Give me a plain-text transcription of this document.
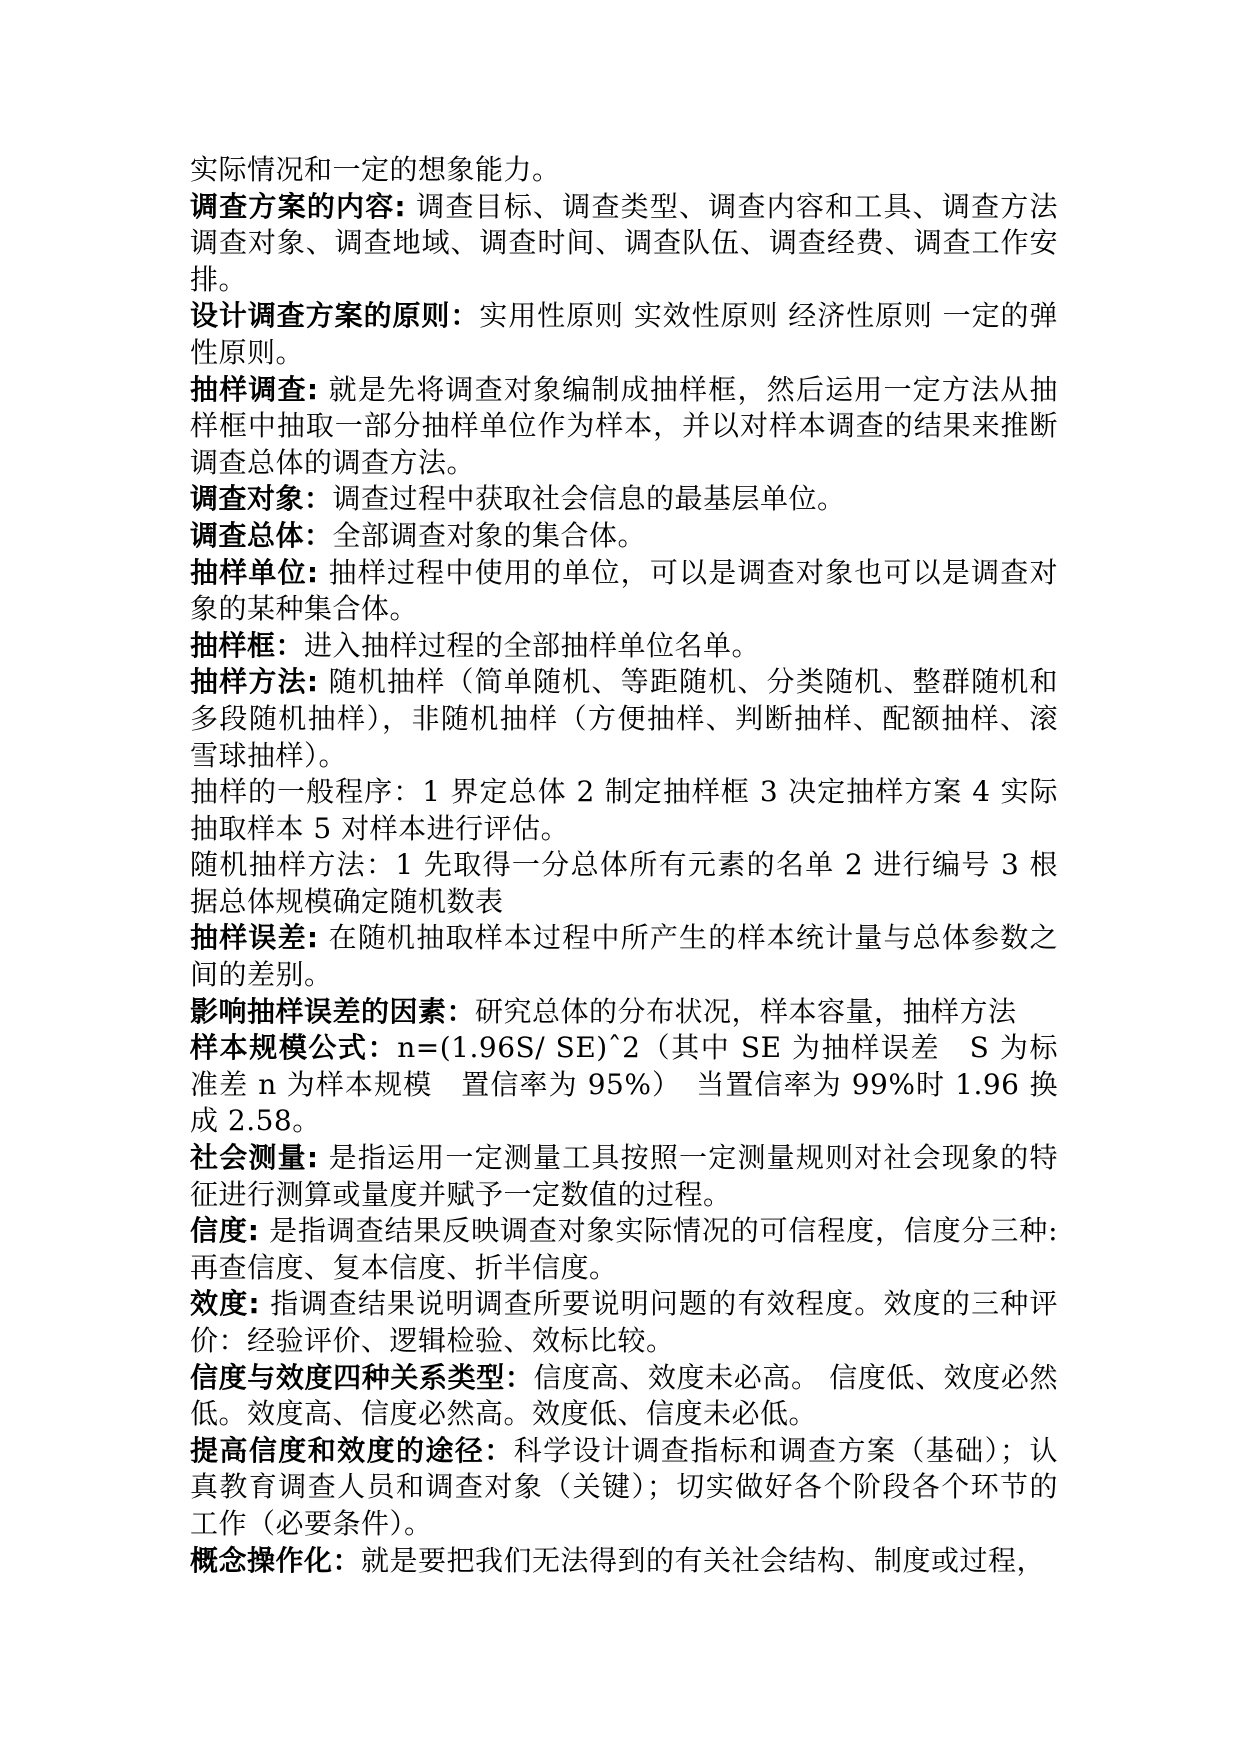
实际情况和一定的想象能力。

调查方案的内容: 调查目标、调查类型、调查内容和工具、调查方法调查对象、调查地域、调查时间、调查队伍、调查经费、调查工作安排。

设计调查方案的原则：实用性原则 实效性原则 经济性原则 一定的弹性原则。

抽样调查: 就是先将调查对象编制成抽样框，然后运用一定方法从抽样框中抽取一部分抽样单位作为样本，并以对样本调查的结果来推断调查总体的调查方法。

调查对象：调查过程中获取社会信息的最基层单位。

调查总体：全部调查对象的集合体。

抽样单位: 抽样过程中使用的单位，可以是调查对象也可以是调查对象的某种集合体。

抽样框：进入抽样过程的全部抽样单位名单。

抽样方法: 随机抽样（简单随机、等距随机、分类随机、整群随机和多段随机抽样），非随机抽样（方便抽样、判断抽样、配额抽样、滚雪球抽样）。

抽样的一般程序：1 界定总体 2 制定抽样框 3 决定抽样方案 4 实际抽取样本 5 对样本进行评估。

随机抽样方法：1 先取得一分总体所有元素的名单 2 进行编号 3 根据总体规模确定随机数表

抽样误差: 在随机抽取样本过程中所产生的样本统计量与总体参数之间的差别。

影响抽样误差的因素：研究总体的分布状况，样本容量，抽样方法

样本规模公式：n=(1.96S/ SE)ˆ2（其中 SE 为抽样误差　S 为标准差 n 为样本规模　置信率为 95%）　当置信率为 99%时 1.96 换成 2.58。

社会测量: 是指运用一定测量工具按照一定测量规则对社会现象的特征进行测算或量度并赋予一定数值的过程。

信度: 是指调查结果反映调查对象实际情况的可信程度，信度分三种:再查信度、复本信度、折半信度。

效度: 指调查结果说明调查所要说明问题的有效程度。效度的三种评价：经验评价、逻辑检验、效标比较。

信度与效度四种关系类型：信度高、效度未必高。 信度低、效度必然低。效度高、信度必然高。效度低、信度未必低。

提高信度和效度的途径：科学设计调查指标和调查方案（基础）；认真教育调查人员和调查对象（关键）；切实做好各个阶段各个环节的工作（必要条件）。

概念操作化：就是要把我们无法得到的有关社会结构、制度或过程，
